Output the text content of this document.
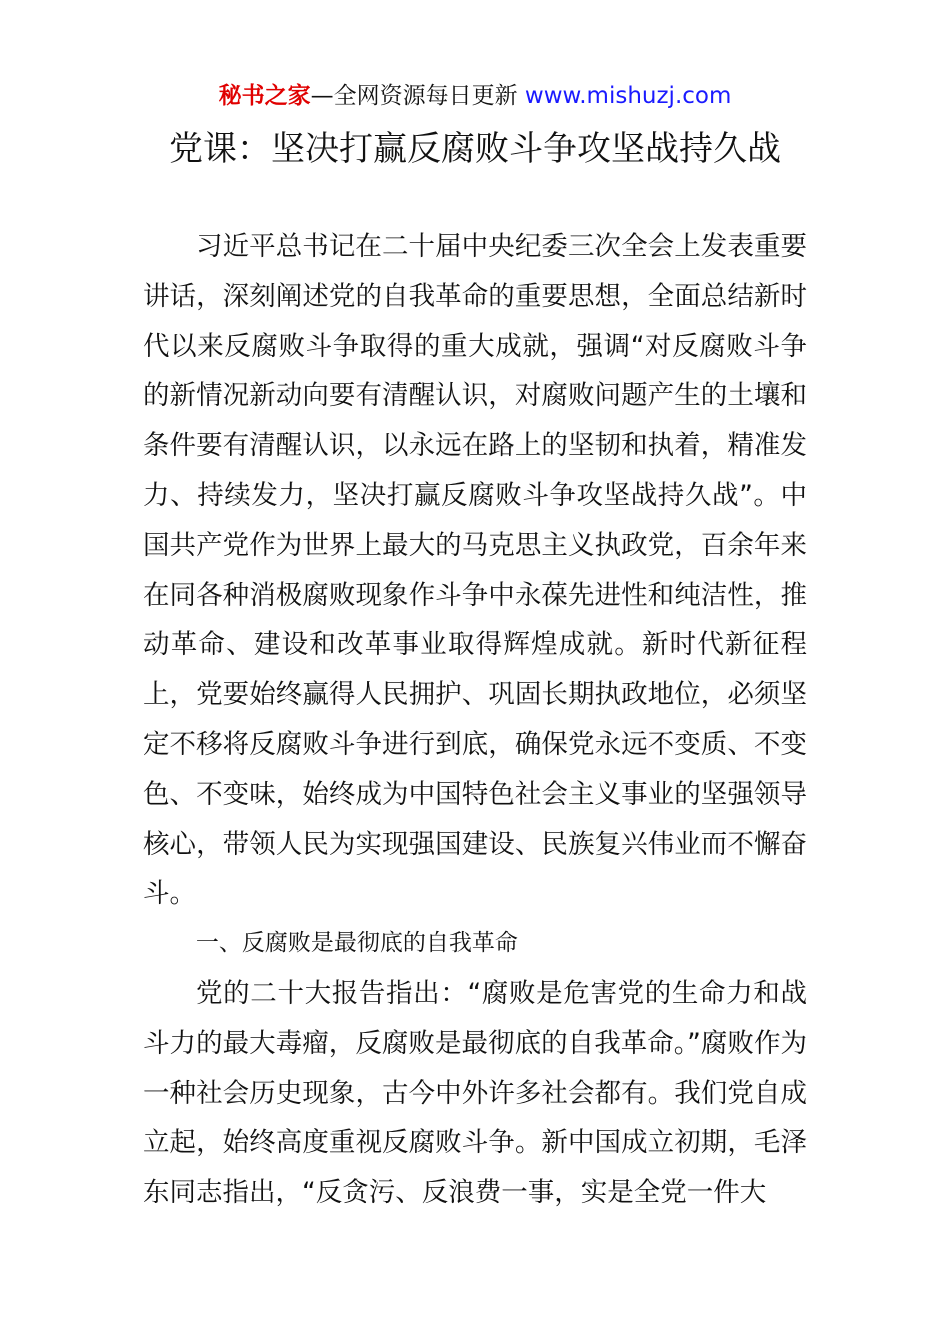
秘书之家—全网资源每日更新 www.mishuzj.com
党课：坚决打赢反腐败斗争攻坚战持久战

习近平总书记在二十届中央纪委三次全会上发表重要讲话，深刻阐述党的自我革命的重要思想，全面总结新时代以来反腐败斗争取得的重大成就，强调“对反腐败斗争的新情况新动向要有清醒认识，对腐败问题产生的土壤和条件要有清醒认识，以永远在路上的坚韧和执着，精准发力、持续发力，坚决打赢反腐败斗争攻坚战持久战”。中国共产党作为世界上最大的马克思主义执政党，百余年来在同各种消极腐败现象作斗争中永葆先进性和纯洁性，推动革命、建设和改革事业取得辉煌成就。新时代新征程上，党要始终赢得人民拥护、巩固长期执政地位，必须坚定不移将反腐败斗争进行到底，确保党永远不变质、不变色、不变味，始终成为中国特色社会主义事业的坚强领导核心，带领人民为实现强国建设、民族复兴伟业而不懈奋斗。

一、反腐败是最彻底的自我革命

党的二十大报告指出：“腐败是危害党的生命力和战斗力的最大毒瘤，反腐败是最彻底的自我革命。”腐败作为一种社会历史现象，古今中外许多社会都有。我们党自成立起，始终高度重视反腐败斗争。新中国成立初期，毛泽东同志指出，“反贪污、反浪费一事，实是全党一件大
